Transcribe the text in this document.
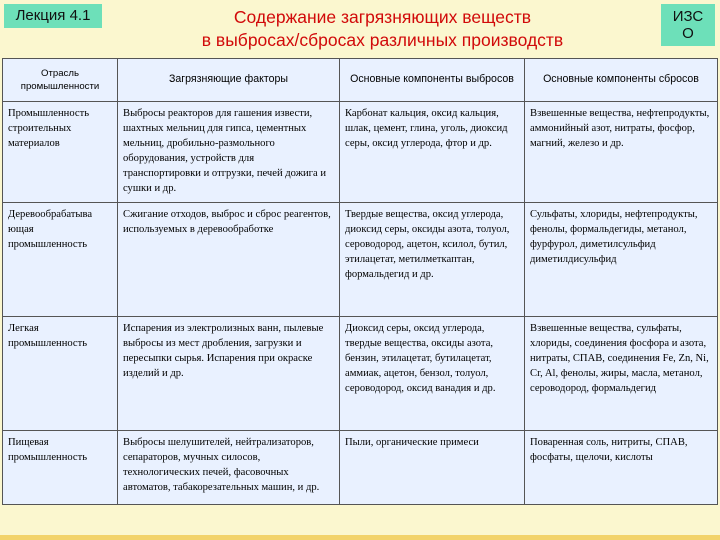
Лекция 4.1	Содержание загрязняющих веществ
в выбросах/сбросах различных производств
ИЗС
О
Отрасль промышленности	Загрязняющие факторы	Основные компоненты выбросов	Основные компоненты сбросов
Промышленность строительных материалов	Выбросы реакторов для гашения извести, шахтных мельниц для гипса, цементных мельниц, дробильно-размольного оборудования, устройств для транспортировки и отгрузки, печей дожига и сушки и др.	Карбонат кальция, оксид кальция, шлак, цемент, глина, уголь, диоксид серы, оксид углерода, фтор и др.	Взвешенные вещества, нефтепродукты, аммонийный азот, нитраты, фосфор, магний, железо и др.
Деревообрабатыва ющая промышленность	Сжигание отходов, выброс и сброс реагентов, используемых в деревообработке	Твердые вещества, оксид углерода, диоксид серы, оксиды азота, толуол, сероводород, ацетон, ксилол, бутил, этилацетат, метилметкаптан, формальдегид и др.	Сульфаты, хлориды, нефтепродукты, фенолы, формальдегиды, метанол, фурфурол, диметилсульфид диметилдисульфид
Легкая промышленность	Испарения из электролизных ванн, пылевые выбросы из мест дробления, загрузки и пересыпки сырья. Испарения при окраске изделий и др.	Диоксид серы, оксид углерода, твердые вещества, оксиды азота, бензин, этилацетат, бутилацетат, аммиак, ацетон, бензол, толуол, сероводород, оксид ванадия и др.	Взвешенные вещества, сульфаты, хлориды, соединения фосфора и азота, нитраты, СПАВ, соединения Fe, Zn, Ni, Cr, Al, фенолы, жиры, масла, метанол, сероводород, формальдегид
Пищевая промышленность	Выбросы шелушителей, нейтрализаторов, сепараторов, мучных силосов, технологических печей, фасовочных автоматов, табакорезательных машин, и др.	Пыли, органические примеси	Поваренная соль, нитриты, СПАВ, фосфаты, щелочи, кислоты
